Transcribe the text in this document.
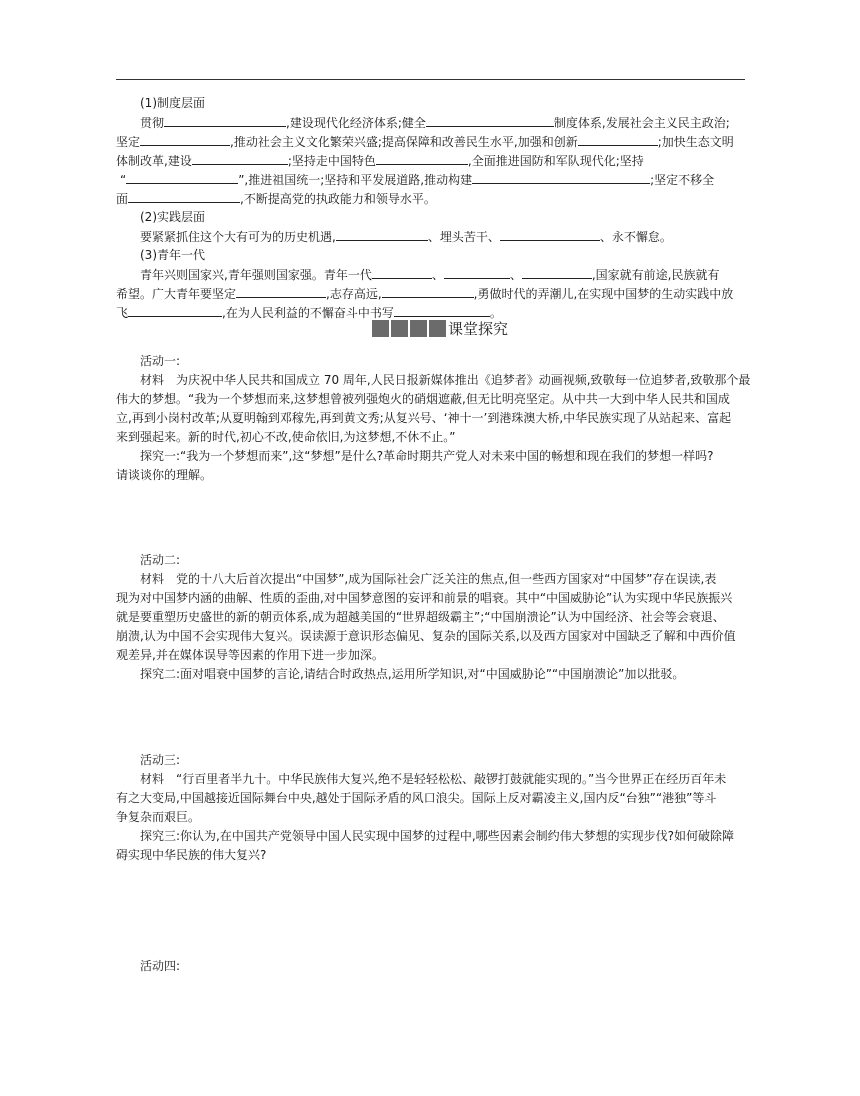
(1)制度层面
贯彻	,建设现代化经济体系;健全	制度体系,发展社会主义民主政治;
坚定	,推动社会主义文化繁荣兴盛;提高保障和改善民生水平,加强和创新	;加快生态文明
体制改革,建设	;坚持走中国特色	,全面推进国防和军队现代化;坚持
“	”,推进祖国统一;坚持和平发展道路,推动构建	;坚定不移全
面	,不断提高党的执政能力和领导水平。
(2)实践层面
要紧紧抓住这个大有可为的历史机遇,	、埋头苦干、	、永不懈怠。
(3)青年一代
青年兴则国家兴,青年强则国家强。青年一代	、	、	,国家就有前途,民族就有
希望。广大青年要坚定	,志存高远,	,勇做时代的弄潮儿,在实现中国梦的生动实践中放
飞	,在为人民利益的不懈奋斗中书写	。
课堂探究
活动一:
材料　为庆祝中华人民共和国成立 70 周年,人民日报新媒体推出《追梦者》动画视频,致敬每一位追梦者,致敬那个最
伟大的梦想。“我为一个梦想而来,这梦想曾被列强炮火的硝烟遮蔽,但无比明亮坚定。从中共一大到中华人民共和国成
立,再到小岗村改革;从夏明翰到邓稼先,再到黄文秀;从复兴号、‘神十一’到港珠澳大桥,中华民族实现了从站起来、富起
来到强起来。新的时代,初心不改,使命依旧,为这梦想,不休不止。”
探究一:“我为一个梦想而来”,这“梦想”是什么?革命时期共产党人对未来中国的畅想和现在我们的梦想一样吗?
请谈谈你的理解。
活动二:
材料　党的十八大后首次提出“中国梦”,成为国际社会广泛关注的焦点,但一些西方国家对“中国梦”存在误读,表
现为对中国梦内涵的曲解、性质的歪曲,对中国梦意图的妄评和前景的唱衰。其中“中国威胁论”认为实现中华民族振兴
就是要重塑历史盛世的新的朝贡体系,成为超越美国的“世界超级霸主”;“中国崩溃论”认为中国经济、社会等会衰退、
崩溃,认为中国不会实现伟大复兴。误读源于意识形态偏见、复杂的国际关系,以及西方国家对中国缺乏了解和中西价值
观差异,并在媒体误导等因素的作用下进一步加深。
探究二:面对唱衰中国梦的言论,请结合时政热点,运用所学知识,对“中国威胁论”“中国崩溃论”加以批驳。
活动三:
材料　“行百里者半九十。中华民族伟大复兴,绝不是轻轻松松、敲锣打鼓就能实现的。”当今世界正在经历百年未
有之大变局,中国越接近国际舞台中央,越处于国际矛盾的风口浪尖。国际上反对霸凌主义,国内反“台独”“港独”等斗
争复杂而艰巨。
探究三:你认为,在中国共产党领导中国人民实现中国梦的过程中,哪些因素会制约伟大梦想的实现步伐?如何破除障
碍实现中华民族的伟大复兴?
活动四:
